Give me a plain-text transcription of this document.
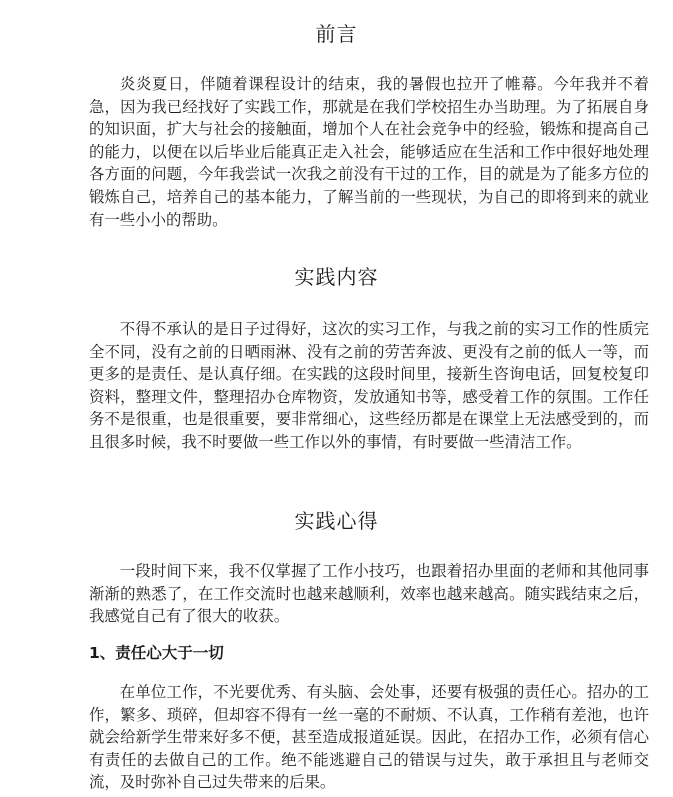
前言

炎炎夏日，伴随着课程设计的结束，我的暑假也拉开了帷幕。今年我并不着急，因为我已经找好了实践工作，那就是在我们学校招生办当助理。为了拓展自身的知识面，扩大与社会的接触面，增加个人在社会竞争中的经验，锻炼和提高自己的能力，以便在以后毕业后能真正走入社会，能够适应在生活和工作中很好地处理各方面的问题，今年我尝试一次我之前没有干过的工作，目的就是为了能多方位的锻炼自己，培养自己的基本能力，了解当前的一些现状，为自己的即将到来的就业有一些小小的帮助。

实践内容

不得不承认的是日子过得好，这次的实习工作，与我之前的实习工作的性质完全不同，没有之前的日晒雨淋、没有之前的劳苦奔波、更没有之前的低人一等，而更多的是责任、是认真仔细。在实践的这段时间里，接新生咨询电话，回复校复印资料，整理文件，整理招办仓库物资，发放通知书等，感受着工作的氛围。工作任务不是很重，也是很重要，要非常细心，这些经历都是在课堂上无法感受到的，而且很多时候，我不时要做一些工作以外的事情，有时要做一些清洁工作。

实践心得

一段时间下来，我不仅掌握了工作小技巧，也跟着招办里面的老师和其他同事渐渐的熟悉了，在工作交流时也越来越顺利，效率也越来越高。随实践结束之后，我感觉自己有了很大的收获。

1、责任心大于一切

在单位工作，不光要优秀、有头脑、会处事，还要有极强的责任心。招办的工作，繁多、琐碎，但却容不得有一丝一毫的不耐烦、不认真，工作稍有差池，也许就会给新学生带来好多不便，甚至造成报道延误。因此，在招办工作，必须有信心有责任的去做自己的工作。绝不能逃避自己的错误与过失，敢于承担且与老师交流，及时弥补自己过失带来的后果。
